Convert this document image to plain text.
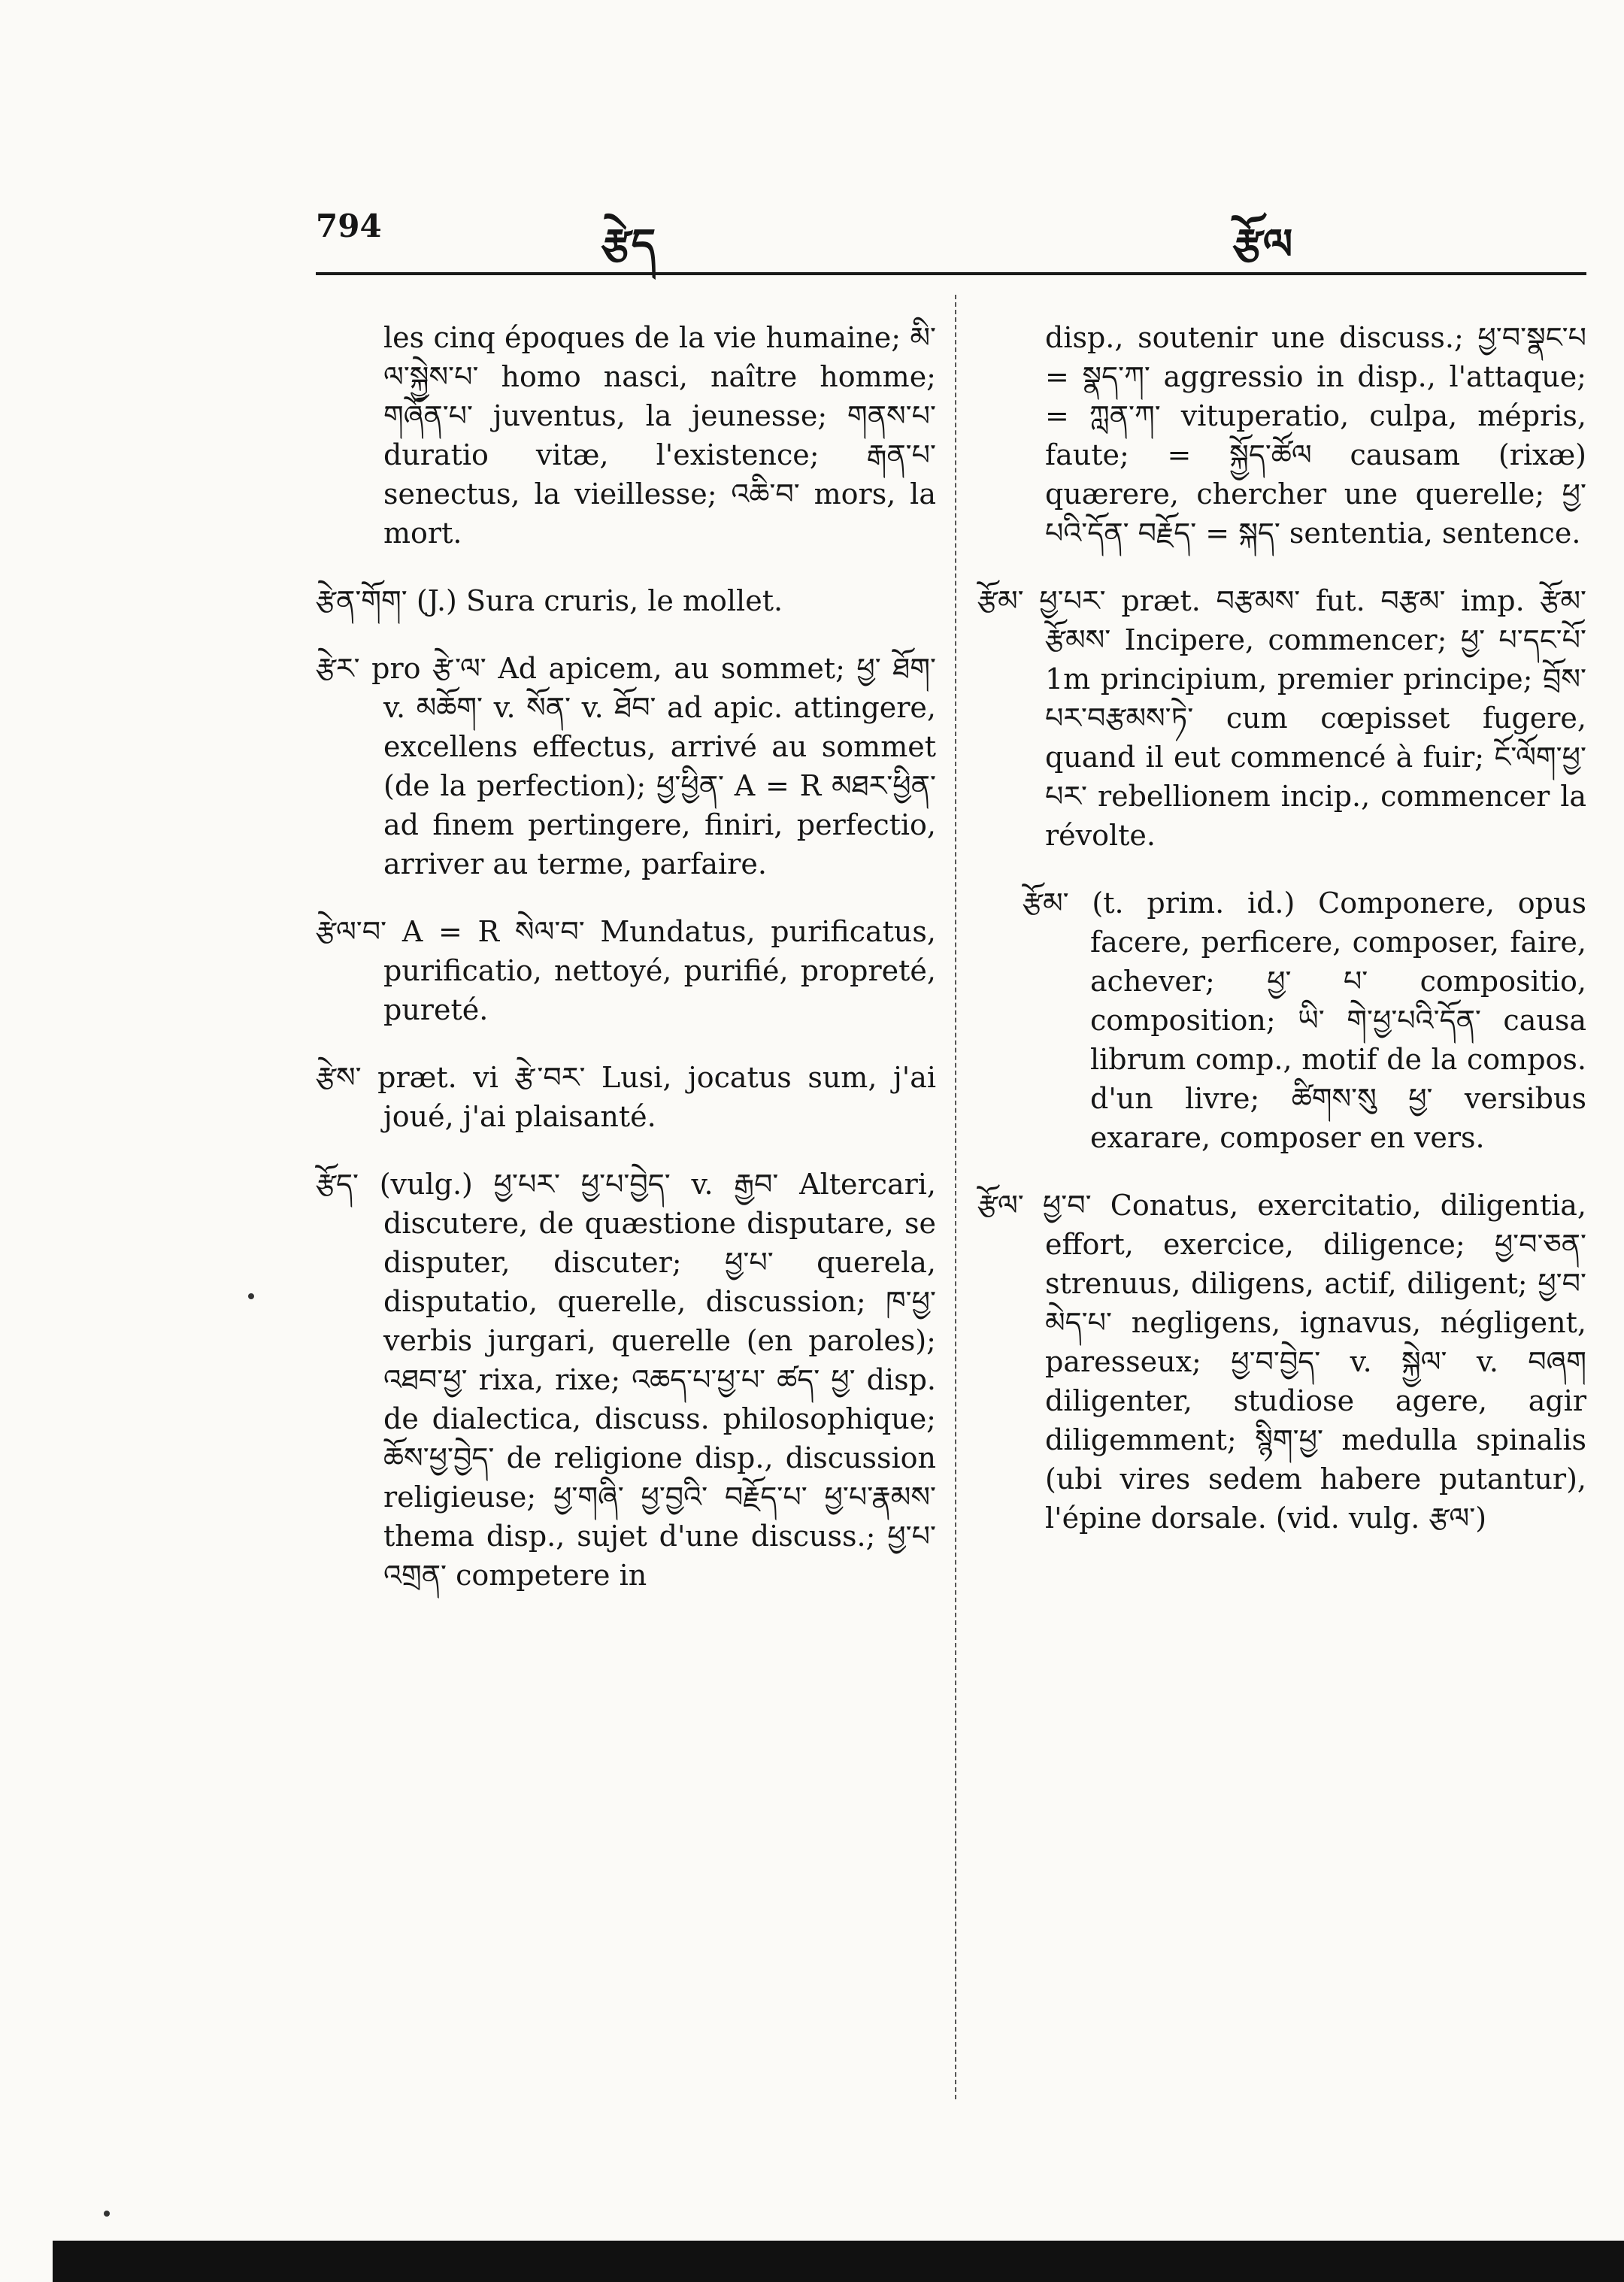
794	རྩེད	རྩོལ

les cinq époques de la vie humaine; མི་ལ་སྐྱེས་པ་ homo nasci, naître homme; གཞོན་པ་ juventus, la jeunesse; གནས་པ་ duratio vitæ, l'existence; རྒན་པ་ senectus, la vieillesse; འཆི་བ་ mors, la mort.

རྩེན་གོག་ (J.) Sura cruris, le mollet.

རྩེར་ pro རྩེ་ལ་ Ad apicem, au sommet; ཕྱ་ ཐོག་ v. མཆོག་ v. སོན་ v. ཐོབ་ ad apic. attingere, excellens effectus, arrivé au sommet (de la perfection); ཕྱ་ཕྱིན་ A = R མཐར་ཕྱིན་ ad finem pertingere, finiri, perfectio, arriver au terme, parfaire.

རྩེལ་བ་ A = R སེལ་བ་ Mundatus, purificatus, purificatio, nettoyé, purifié, propreté, pureté.

རྩེས་ præt. vi རྩེ་བར་ Lusi, jocatus sum, j'ai joué, j'ai plaisanté.

རྩོད་ (vulg.) ཕྱ་པར་ ཕྱ་པ་བྱེད་ v. རྒྱབ་ Altercari, discutere, de quæstione disputare, se disputer, discuter; ཕྱ་པ་ querela, disputatio, querelle, discussion; ཁ་ཕྱ་ verbis jurgari, querelle (en paroles); འཐབ་ཕྱ་ rixa, rixe; འཆད་པ་ཕྱ་པ་ ཚད་ ཕྱ་ disp. de dialectica, discuss. philosophique; ཆོས་ཕྱ་བྱེད་ de religione disp., discussion religieuse; ཕྱ་གཞི་ ཕྱ་བྱའི་ བརྗོད་པ་ ཕྱ་པ་རྣམས་ thema disp., sujet d'une discuss.; ཕྱ་པ་འགྲན་ competere in

disp., soutenir une discuss.; ཕྱ་བ་སྣང་པ = སྣད་ཀ་ aggressio in disp., l'attaque; = ཀླན་ཀ་ vituperatio, culpa, mépris, faute; = སྐྱོད་ཚོལ causam (rixæ) quærere, chercher une querelle; ཕྱ་པའི་དོན་ བརྗོད་ = སྐད་ sententia, sentence.

རྩོམ་ ཕྱ་པར་ præt. བརྩམས་ fut. བརྩམ་ imp. རྩོམ་ རྩོམས་ Incipere, commencer; ཕྱ་ པ་དང་པོ་ 1m principium, premier principe; བྲོས་པར་བརྩམས་ཏེ་ cum cœpisset fugere, quand il eut commencé à fuir; ངོ་ལོག་ཕྱ་པར་ rebellionem incip., commencer la révolte.

རྩོམ་ (t. prim. id.) Componere, opus facere, perficere, composer, faire, achever; ཕྱ་ པ་ compositio, composition; ཡི་ གེ་ཕྱ་པའི་དོན་ causa librum comp., motif de la compos. d'un livre; ཚིགས་སུ ཕྱ་ versibus exarare, composer en vers.

རྩོལ་ ཕྱ་བ་ Conatus, exercitatio, diligentia, effort, exercice, diligence; ཕྱ་བ་ཅན་ strenuus, diligens, actif, diligent; ཕྱ་བ་ མེད་པ་ negligens, ignavus, négligent, paresseux; ཕྱ་བ་བྱེད་ v. སྐྱེལ་ v. བཞག diligenter, studiose agere, agir diligemment; སྙིག་ཕྱ་ medulla spinalis (ubi vires sedem habere putantur), l'épine dorsale. (vid. vulg. རྩལ་)
